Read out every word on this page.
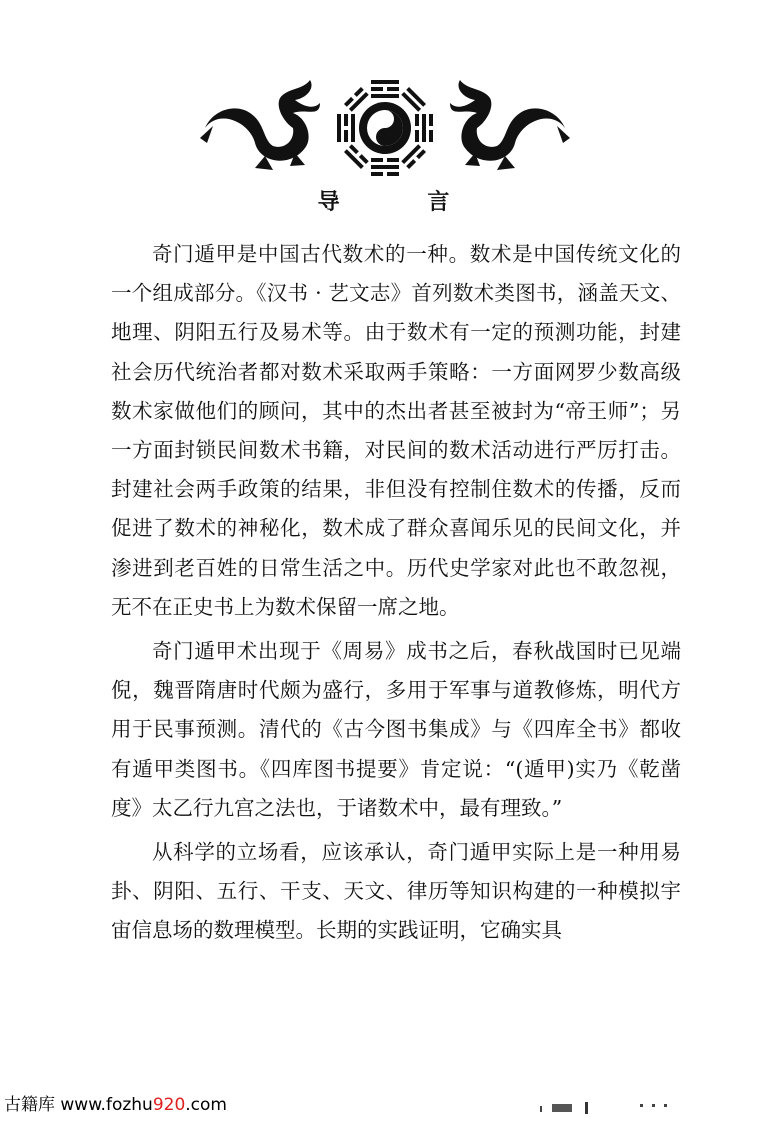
导 言

奇门遁甲是中国古代数术的一种。数术是中国传统文化的一个组成部分。《汉书 · 艺文志》首列数术类图书，涵盖天文、地理、阴阳五行及易术等。由于数术有一定的预测功能，封建社会历代统治者都对数术采取两手策略：一方面网罗少数高级数术家做他们的顾问，其中的杰出者甚至被封为“帝王师”；另一方面封锁民间数术书籍，对民间的数术活动进行严厉打击。封建社会两手政策的结果，非但没有控制住数术的传播，反而促进了数术的神秘化，数术成了群众喜闻乐见的民间文化，并渗进到老百姓的日常生活之中。历代史学家对此也不敢忽视，无不在正史书上为数术保留一席之地。

奇门遁甲术出现于《周易》成书之后，春秋战国时已见端倪，魏晋隋唐时代颇为盛行，多用于军事与道教修炼，明代方用于民事预测。清代的《古今图书集成》与《四库全书》都收有遁甲类图书。《四库图书提要》肯定说：“(遁甲)实乃《乾凿度》太乙行九宫之法也，于诸数术中，最有理致。”

从科学的立场看，应该承认，奇门遁甲实际上是一种用易卦、阴阳、五行、干支、天文、律历等知识构建的一种模拟宇宙信息场的数理模型。长期的实践证明，它确实具

古籍库 www.fozhu920.com
